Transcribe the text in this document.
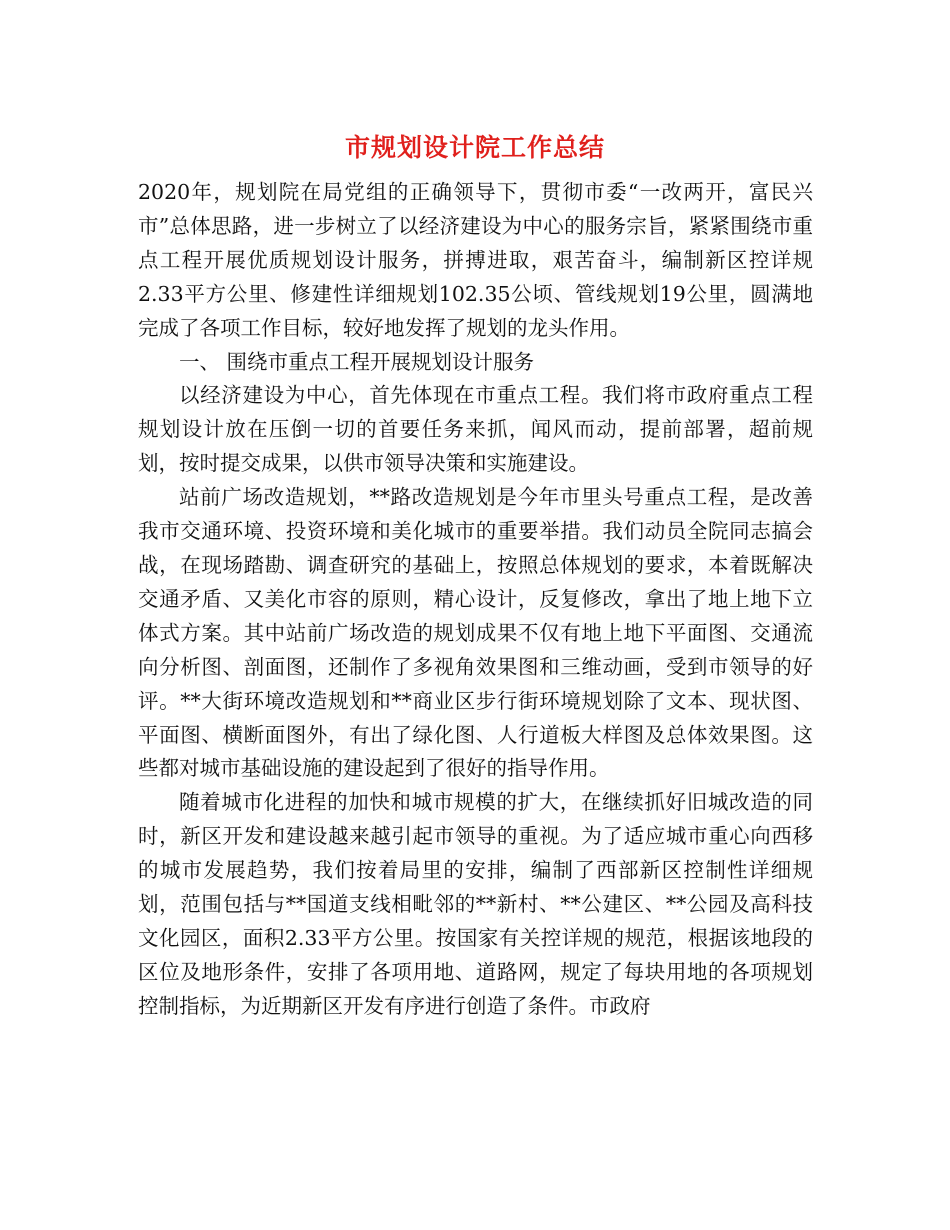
市规划设计院工作总结

2020年，规划院在局党组的正确领导下，贯彻市委“一改两开，富民兴市”总体思路，进一步树立了以经济建设为中心的服务宗旨，紧紧围绕市重点工程开展优质规划设计服务，拼搏进取，艰苦奋斗，编制新区控详规2.33平方公里、修建性详细规划102.35公顷、管线规划19公里，圆满地完成了各项工作目标，较好地发挥了规划的龙头作用。

一、 围绕市重点工程开展规划设计服务

以经济建设为中心，首先体现在市重点工程。我们将市政府重点工程规划设计放在压倒一切的首要任务来抓，闻风而动，提前部署，超前规划，按时提交成果，以供市领导决策和实施建设。

站前广场改造规划，**路改造规划是今年市里头号重点工程，是改善我市交通环境、投资环境和美化城市的重要举措。我们动员全院同志搞会战，在现场踏勘、调查研究的基础上，按照总体规划的要求，本着既解决交通矛盾、又美化市容的原则，精心设计，反复修改，拿出了地上地下立体式方案。其中站前广场改造的规划成果不仅有地上地下平面图、交通流向分析图、剖面图，还制作了多视角效果图和三维动画，受到市领导的好评。**大街环境改造规划和**商业区步行街环境规划除了文本、现状图、平面图、横断面图外，有出了绿化图、人行道板大样图及总体效果图。这些都对城市基础设施的建设起到了很好的指导作用。

随着城市化进程的加快和城市规模的扩大，在继续抓好旧城改造的同时，新区开发和建设越来越引起市领导的重视。为了适应城市重心向西移的城市发展趋势，我们按着局里的安排，编制了西部新区控制性详细规划，范围包括与**国道支线相毗邻的**新村、**公建区、**公园及高科技文化园区，面积2.33平方公里。按国家有关控详规的规范，根据该地段的区位及地形条件，安排了各项用地、道路网，规定了每块用地的各项规划控制指标，为近期新区开发有序进行创造了条件。市政府
